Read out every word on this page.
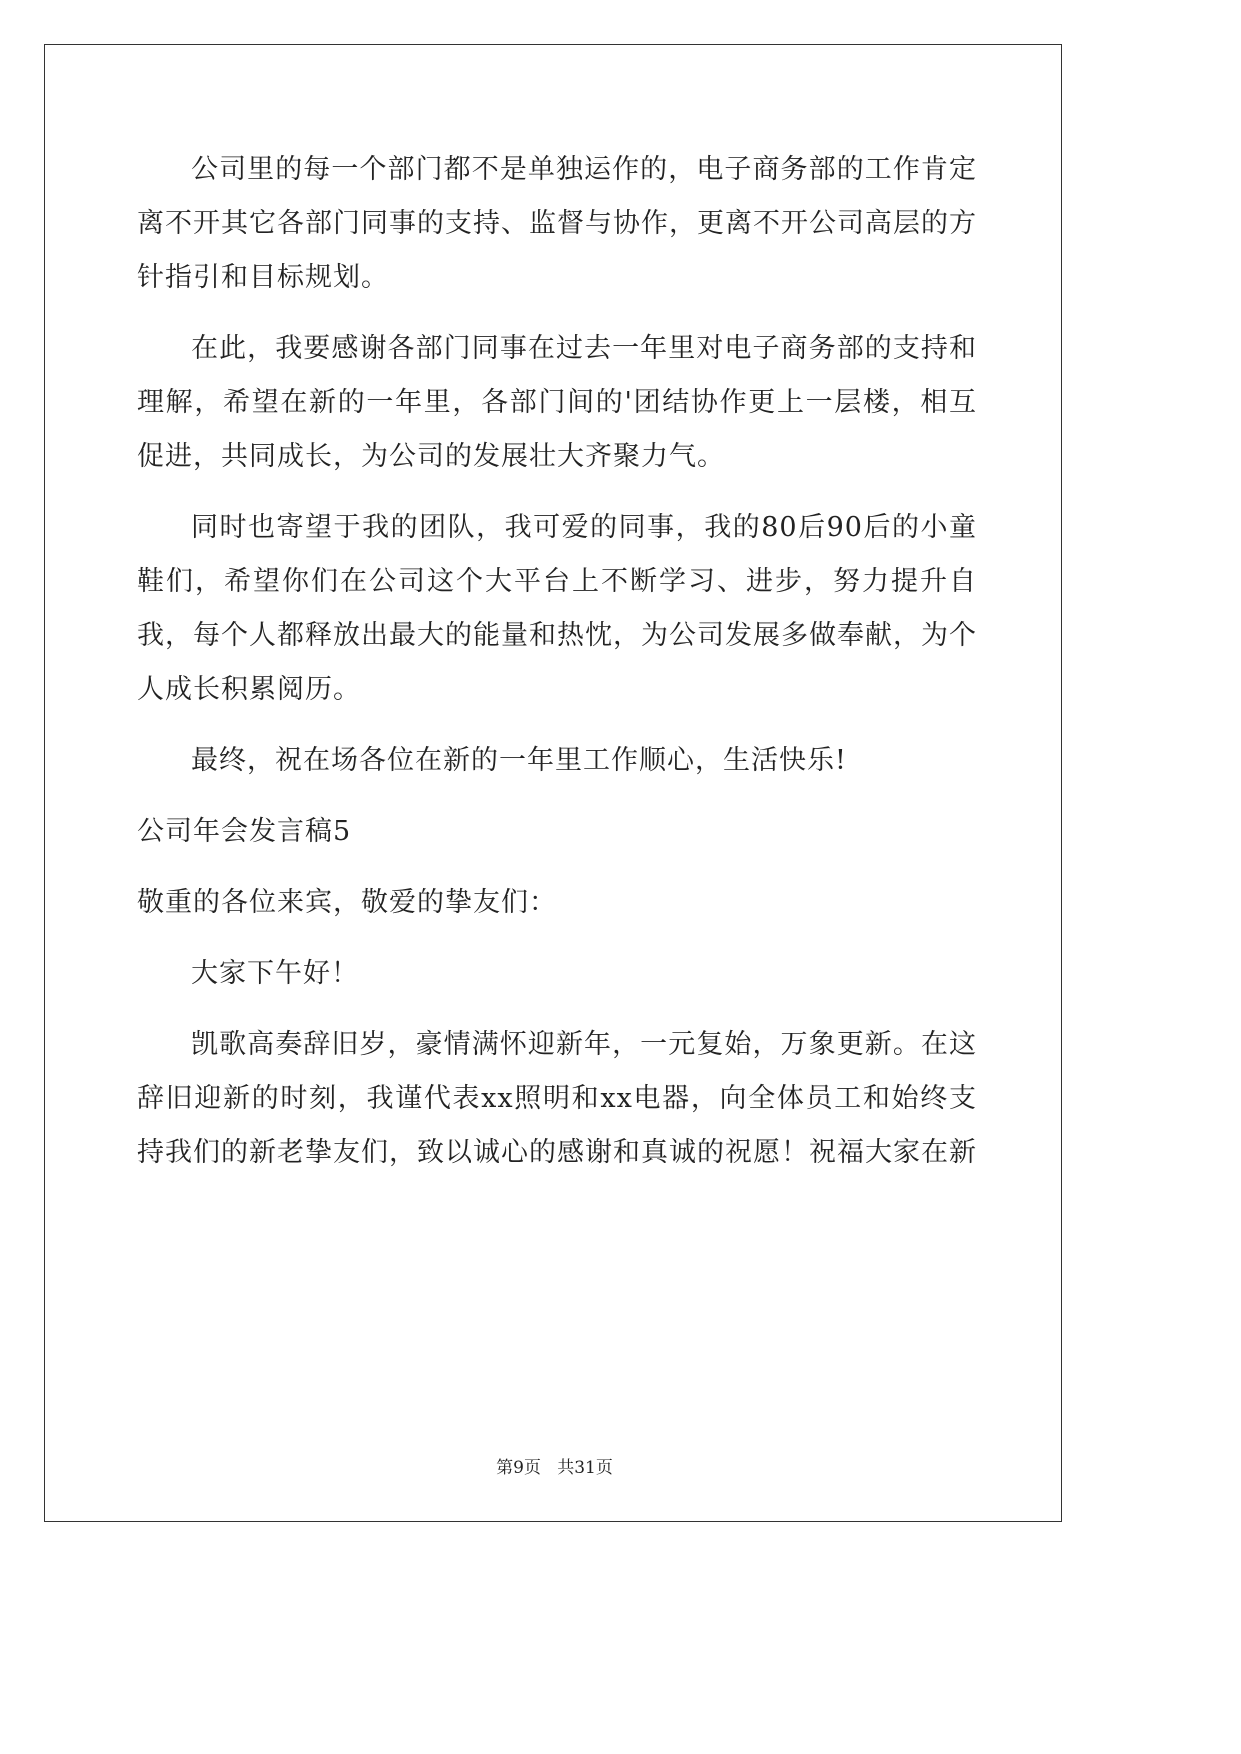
公司里的每一个部门都不是单独运作的，电子商务部的工作肯定离不开其它各部门同事的支持、监督与协作，更离不开公司高层的方针指引和目标规划。

在此，我要感谢各部门同事在过去一年里对电子商务部的支持和理解，希望在新的一年里，各部门间的'团结协作更上一层楼，相互促进，共同成长，为公司的发展壮大齐聚力气。

同时也寄望于我的团队，我可爱的同事，我的80后90后的小童鞋们，希望你们在公司这个大平台上不断学习、进步，努力提升自我，每个人都释放出最大的能量和热忱，为公司发展多做奉献，为个人成长积累阅历。

最终，祝在场各位在新的一年里工作顺心，生活快乐!

公司年会发言稿5

敬重的各位来宾，敬爱的挚友们：

大家下午好！

凯歌高奏辞旧岁，豪情满怀迎新年，一元复始，万象更新。在这辞旧迎新的时刻，我谨代表xx照明和xx电器，向全体员工和始终支持我们的新老挚友们，致以诚心的感谢和真诚的祝愿！祝福大家在新

第9页 共31页
